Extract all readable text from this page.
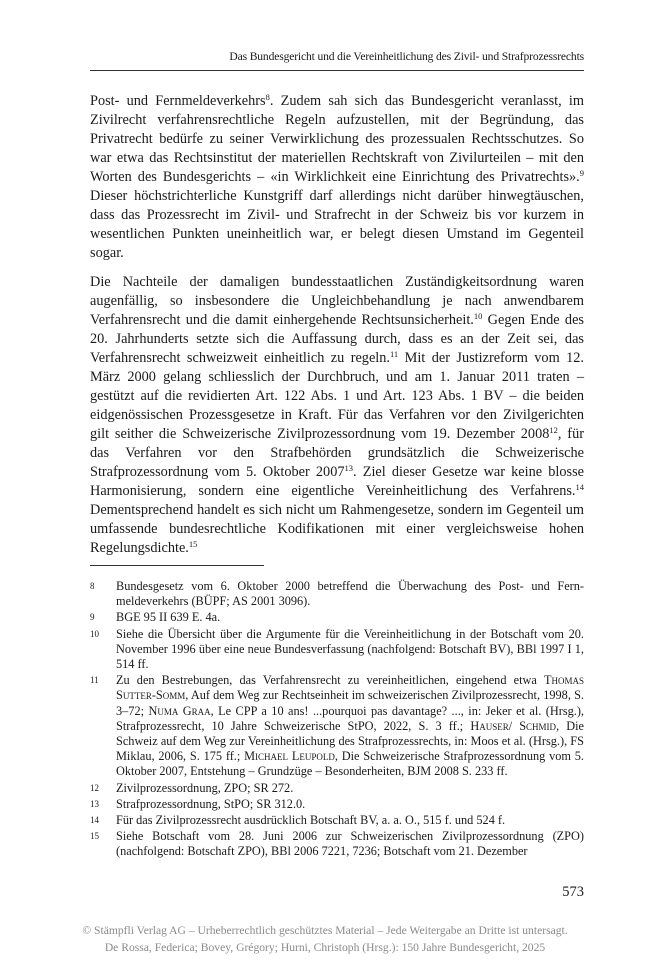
Das Bundesgericht und die Vereinheitlichung des Zivil- und Strafprozessrechts

Post- und Fernmeldeverkehrs$^8$. Zudem sah sich das Bundesgericht veranlasst, im Zivilrecht verfahrensrechtliche Regeln aufzustellen, mit der Begründung, das Privatrecht bedürfe zu seiner Verwirklichung des prozessualen Rechtsschutzes. So war etwa das Rechtsinstitut der materiellen Rechtskraft von Zivilurteilen – mit den Worten des Bundesgerichts – «in Wirklichkeit eine Einrichtung des Privatrechts».$^9$ Dieser höchstrichterliche Kunstgriff darf allerdings nicht darüber hinwegtäuschen, dass das Prozessrecht im Zivil- und Strafrecht in der Schweiz bis vor kurzem in wesentlichen Punkten uneinheitlich war, er belegt diesen Umstand im Gegenteil sogar.

Die Nachteile der damaligen bundesstaatlichen Zuständigkeitsordnung waren augenfällig, so insbesondere die Ungleichbehandlung je nach anwendbarem Verfahrensrecht und die damit einhergehende Rechtsunsicherheit.$^{10}$ Gegen Ende des 20. Jahrhunderts setzte sich die Auffassung durch, dass es an der Zeit sei, das Verfahrensrecht schweizweit einheitlich zu regeln.$^{11}$ Mit der Justizreform vom 12. März 2000 gelang schliesslich der Durchbruch, und am 1. Januar 2011 traten – gestützt auf die revidierten Art. 122 Abs. 1 und Art. 123 Abs. 1 BV – die beiden eidgenössischen Prozessgesetze in Kraft. Für das Verfahren vor den Zivilgerichten gilt seither die Schweizerische Zivilprozessordnung vom 19. Dezember 2008$^{12}$, für das Verfahren vor den Strafbehörden grundsätzlich die Schweizerische Strafprozessordnung vom 5. Oktober 2007$^{13}$. Ziel dieser Gesetze war keine blosse Harmonisierung, sondern eine eigentliche Vereinheitlichung des Verfahrens.$^{14}$ Dementsprechend handelt es sich nicht um Rahmengesetze, sondern im Gegenteil um umfassende bundesrechtliche Kodifikationen mit einer vergleichsweise hohen Regelungsdichte.$^{15}$

8	Bundesgesetz vom 6. Oktober 2000 betreffend die Überwachung des Post- und Fernmeldeverkehrs (BÜPF; AS 2001 3096).
9	BGE 95 II 639 E. 4a.
10	Siehe die Übersicht über die Argumente für die Vereinheitlichung in der Botschaft vom 20. November 1996 über eine neue Bundesverfassung (nachfolgend: Botschaft BV), BBl 1997 I 1, 514 ff.
11	Zu den Bestrebungen, das Verfahrensrecht zu vereinheitlichen, eingehend etwa Thomas Sutter-Somm, Auf dem Weg zur Rechtseinheit im schweizerischen Zivilprozessrecht, 1998, S. 3–72; Numa Graa, Le CPP a 10 ans! ...pourquoi pas davantage? ..., in: Jeker et al. (Hrsg.), Strafprozessrecht, 10 Jahre Schweizerische StPO, 2022, S. 3 ff.; Hauser/ Schmid, Die Schweiz auf dem Weg zur Vereinheitlichung des Strafprozessrechts, in: Moos et al. (Hrsg.), FS Miklau, 2006, S. 175 ff.; Michael Leupold, Die Schweizerische Strafprozessordnung vom 5. Oktober 2007, Entstehung – Grundzüge – Besonderheiten, BJM 2008 S. 233 ff.
12	Zivilprozessordnung, ZPO; SR 272.
13	Strafprozessordnung, StPO; SR 312.0.
14	Für das Zivilprozessrecht ausdrücklich Botschaft BV, a. a. O., 515 f. und 524 f.
15	Siehe Botschaft vom 28. Juni 2006 zur Schweizerischen Zivilprozessordnung (ZPO) (nachfolgend: Botschaft ZPO), BBl 2006 7221, 7236; Botschaft vom 21. Dezember
573
© Stämpfli Verlag AG – Urheberrechtlich geschütztes Material – Jede Weitergabe an Dritte ist untersagt.
De Rossa, Federica; Bovey, Grégory; Hurni, Christoph (Hrsg.): 150 Jahre Bundesgericht, 2025
